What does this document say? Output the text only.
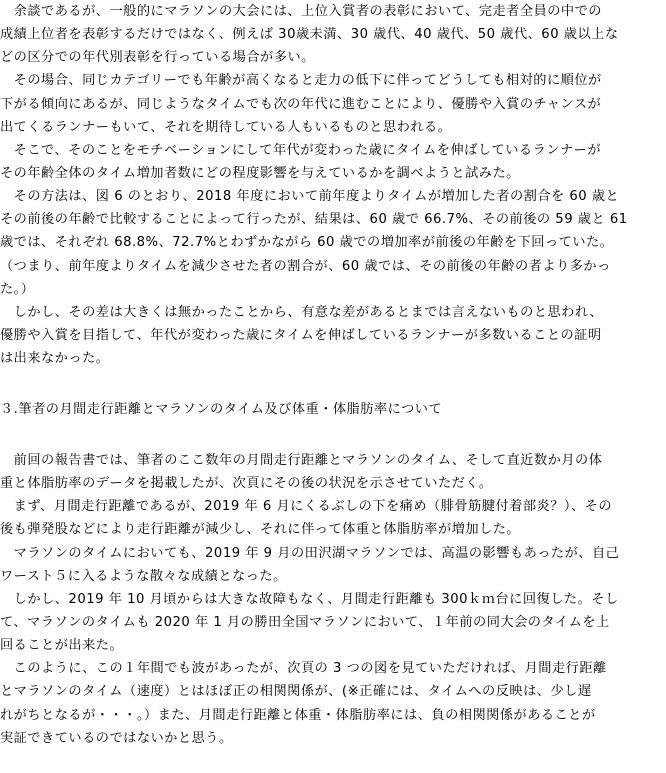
　余談であるが、一般的にマラソンの大会には、上位入賞者の表彰において、完走者全員の中での
成績上位者を表彰するだけではなく、例えば 30歳未満、30 歳代、40 歳代、50 歳代、60 歳以上な
どの区分での年代別表彰を行っている場合が多い。
　その場合、同じカテゴリーでも年齢が高くなると走力の低下に伴ってどうしても相対的に順位が
下がる傾向にあるが、同じようなタイムでも次の年代に進むことにより、優勝や入賞のチャンスが
出てくるランナーもいて、それを期待している人もいるものと思われる。
　そこで、そのことをモチベーションにして年代が変わった歳にタイムを伸ばしているランナーが
その年齢全体のタイム増加者数にどの程度影響を与えているかを調べようと試みた。
　その方法は、図 6 のとおり、2018 年度において前年度よりタイムが増加した者の割合を 60 歳と
その前後の年齢で比較することによって行ったが、結果は、60 歳で 66.7%、その前後の 59 歳と 61
歳では、それぞれ 68.8%、72.7%とわずかながら 60 歳での増加率が前後の年齢を下回っていた。
（つまり、前年度よりタイムを減少させた者の割合が、60 歳では、その前後の年齢の者より多かっ
た。）
　しかし、その差は大きくは無かったことから、有意な差があるとまでは言えないものと思われ、
優勝や入賞を目指して、年代が変わった歳にタイムを伸ばしているランナーが多数いることの証明
は出来なかった。
３.筆者の月間走行距離とマラソンのタイム及び体重・体脂肪率について
　前回の報告書では、筆者のここ数年の月間走行距離とマラソンのタイム、そして直近数か月の体
重と体脂肪率のデータを掲載したが、次頁にその後の状況を示させていただく。
　まず、月間走行距離であるが、2019 年 6 月にくるぶしの下を痛め（腓骨筋腱付着部炎？）、その
後も弾発股などにより走行距離が減少し、それに伴って体重と体脂肪率が増加した。
　マラソンのタイムにおいても、2019 年 9 月の田沢湖マラソンでは、高温の影響もあったが、自己
ワースト５に入るような散々な成績となった。
　しかし、2019 年 10 月頃からは大きな故障もなく、月間走行距離も 300ｋｍ台に回復した。そし
て、マラソンのタイムも 2020 年 1 月の勝田全国マラソンにおいて、１年前の同大会のタイムを上
回ることが出来た。
　このように、この１年間でも波があったが、次頁の 3 つの図を見ていただければ、月間走行距離
とマラソンのタイム（速度）とはほぼ正の相関関係が、(※正確には、タイムへの反映は、少し遅
れがちとなるが・・・。）また、月間走行距離と体重・体脂肪率には、負の相関関係があることが
実証できているのではないかと思う。
